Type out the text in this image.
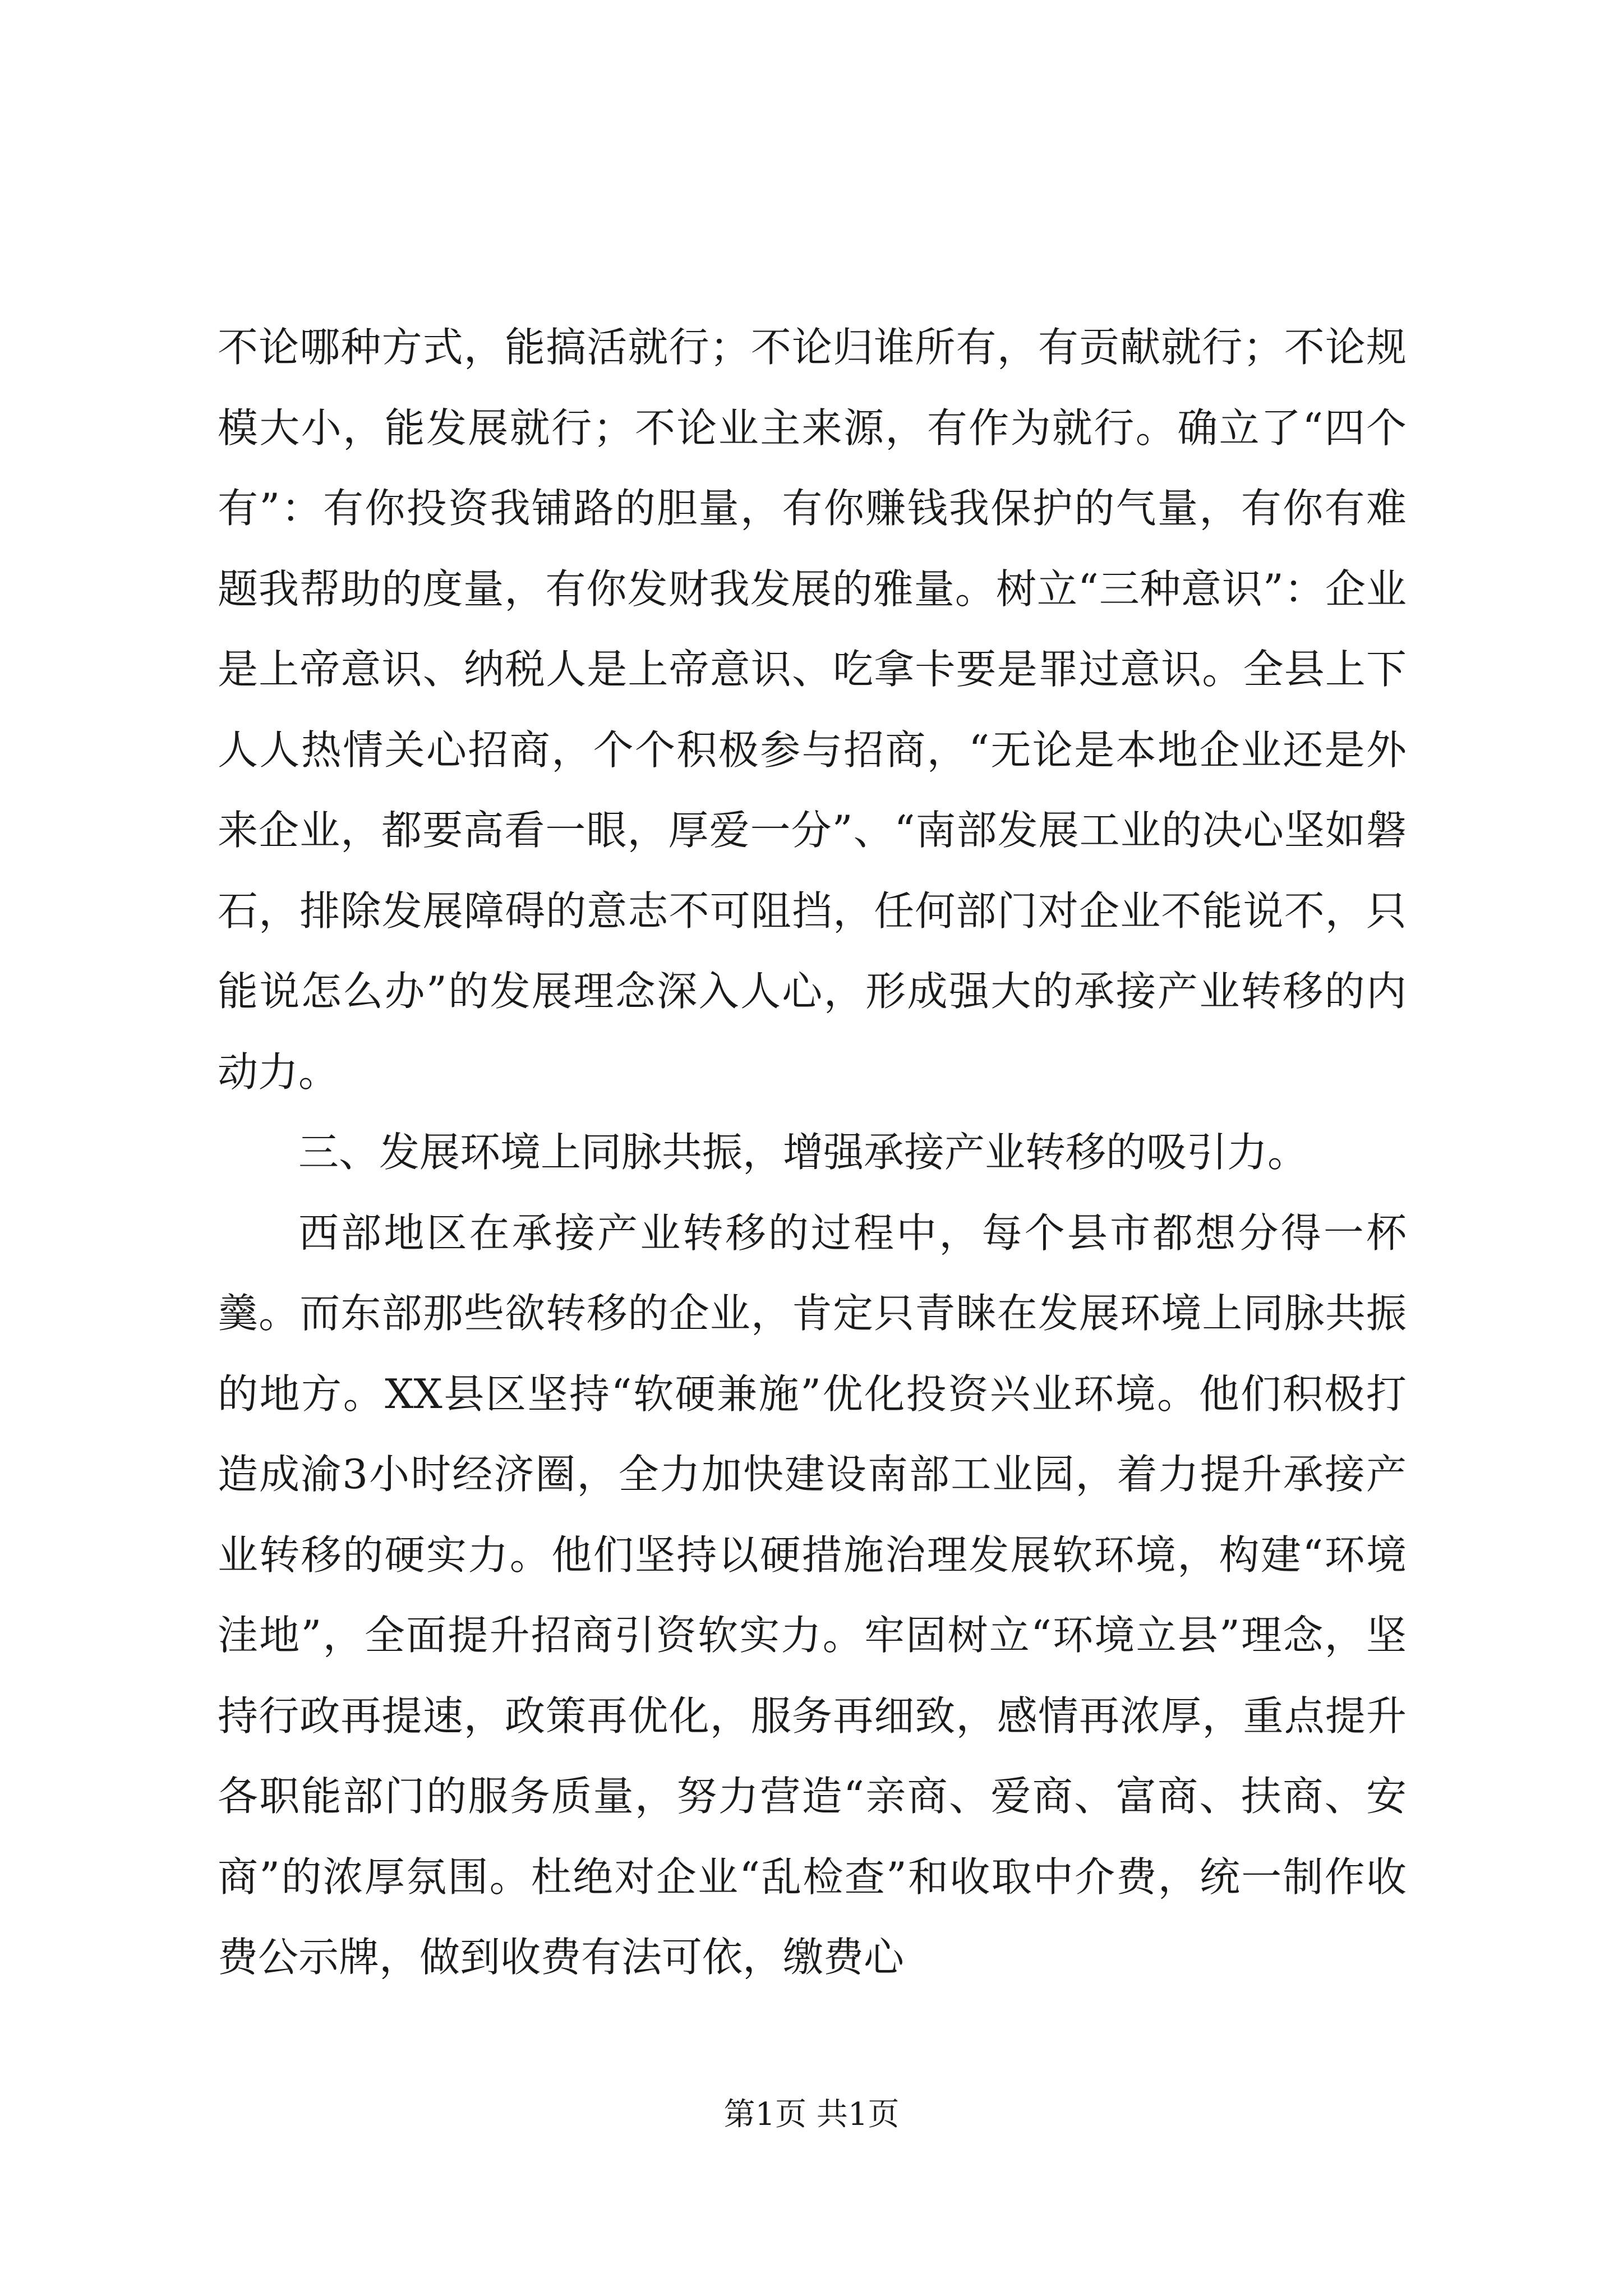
不论哪种方式，能搞活就行；不论归谁所有，有贡献就行；不论规模大小，能发展就行；不论业主来源，有作为就行。确立了“四个有”：有你投资我铺路的胆量，有你赚钱我保护的气量，有你有难题我帮助的度量，有你发财我发展的雅量。树立“三种意识”：企业是上帝意识、纳税人是上帝意识、吃拿卡要是罪过意识。全县上下人人热情关心招商，个个积极参与招商，“无论是本地企业还是外来企业，都要高看一眼，厚爱一分”、“南部发展工业的决心坚如磐石，排除发展障碍的意志不可阻挡，任何部门对企业不能说不，只能说怎么办”的发展理念深入人心，形成强大的承接产业转移的内动力。

三、发展环境上同脉共振，增强承接产业转移的吸引力。

西部地区在承接产业转移的过程中，每个县市都想分得一杯羹。而东部那些欲转移的企业，肯定只青睐在发展环境上同脉共振的地方。XX县区坚持“软硬兼施”优化投资兴业环境。他们积极打造成渝3小时经济圈，全力加快建设南部工业园，着力提升承接产业转移的硬实力。他们坚持以硬措施治理发展软环境，构建“环境洼地”，全面提升招商引资软实力。牢固树立“环境立县”理念，坚持行政再提速，政策再优化，服务再细致，感情再浓厚，重点提升各职能部门的服务质量，努力营造“亲商、爱商、富商、扶商、安商”的浓厚氛围。杜绝对企业“乱检查”和收取中介费，统一制作收费公示牌，做到收费有法可依，缴费心

第1页 共1页
